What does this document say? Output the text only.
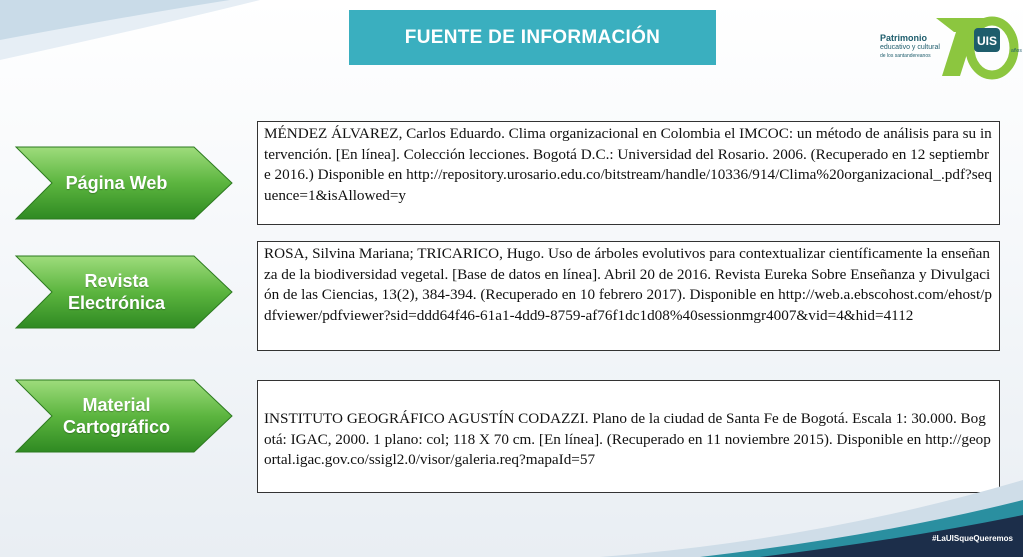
FUENTE DE INFORMACIÓN	UIS
años
Patrimonio
educativo y cultural
de los santandereanos
Página Web
MÉNDEZ ÁLVAREZ, Carlos Eduardo. Clima organizacional en Colombia el IMCOC: un método de análisis para su intervención. [En línea]. Colección lecciones. Bogotá D.C.: Universidad del Rosario. 2006. (Recuperado en 12 septiembre 2016.) Disponible en http://repository.urosario.edu.co/bitstream/handle/10336/914/Clima%20organizacional_.pdf?sequence=1&isAllowed=y
Revista Electrónica
ROSA, Silvina Mariana; TRICARICO, Hugo. Uso de árboles evolutivos para contextualizar científicamente la enseñanza de la biodiversidad vegetal. [Base de datos en línea]. Abril 20 de 2016. Revista Eureka Sobre Enseñanza y Divulgación de las Ciencias, 13(2), 384-394. (Recuperado en 10 febrero 2017). Disponible en http://web.a.ebscohost.com/ehost/pdfviewer/pdfviewer?sid=ddd64f46-61a1-4dd9-8759-af76f1dc1d08%40sessionmgr4007&vid=4&hid=4112
Material Cartográfico	INSTITUTO GEOGRÁFICO AGUSTÍN CODAZZI. Plano de la ciudad de Santa Fe de Bogotá. Escala 1: 30.000. Bogotá: IGAC, 2000. 1 plano: col; 118 X 70 cm. [En línea]. (Recuperado en 11 noviembre 2015). Disponible en http://geoportal.igac.gov.co/ssigl2.0/visor/galeria.req?mapaId=57
#LaUISqueQueremos
